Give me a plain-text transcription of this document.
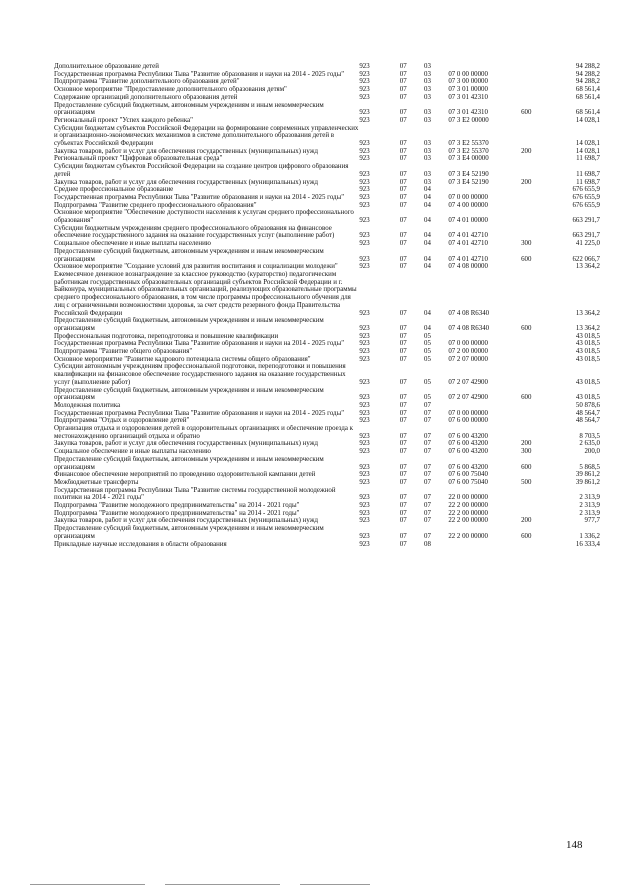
Дополнительное образование детей	923	07	03			94 288,2
Государственная программа Республики Тыва "Развитие образования и науки на 2014 - 2025 годы"	923	07	03	07 0 00 00000		94 288,2
Подпрограмма "Развитие дополнительного образования детей"	923	07	03	07 3 00 00000		94 288,2
Основное мероприятие "Предоставление дополнительного образования детям"	923	07	03	07 3 01 00000		68 561,4
Содержание организаций дополнительного образования детей	923	07	03	07 3 01 42310		68 561,4
Предоставление субсидий бюджетным, автономным учреждениям и иным некоммерческим организациям	923	07	03	07 3 01 42310	600	68 561,4
Региональный проект "Успех каждого ребенка"	923	07	03	07 3 Е2 00000		14 028,1
Субсидии бюджетам субъектов Российской Федерации на формирование современных управленческих и организационно-экономических механизмов в системе дополнительного образования детей в субъектах Российской Федерации	923	07	03	07 3 Е2 55370		14 028,1
Закупка товаров, работ и услуг для обеспечения государственных (муниципальных) нужд	923	07	03	07 3 Е2 55370	200	14 028,1
Региональный проект "Цифровая образовательная среда"	923	07	03	07 3 Е4 00000		11 698,7
Субсидии бюджетам субъектов Российской Федерации на создание центров цифрового образования детей	923	07	03	07 3 Е4 52190		11 698,7
Закупка товаров, работ и услуг для обеспечения государственных (муниципальных) нужд	923	07	03	07 3 Е4 52190	200	11 698,7
Среднее профессиональное образование	923	07	04			676 655,9
Государственная программа Республики Тыва "Развитие образования и науки на 2014 - 2025 годы"	923	07	04	07 0 00 00000		676 655,9
Подпрограмма "Развитие среднего профессионального образования"	923	07	04	07 4 00 00000		676 655,9
Основное мероприятие "Обеспечение доступности населения к услугам среднего профессионального образования"	923	07	04	07 4 01 00000		663 291,7
Субсидии бюджетным учреждениям среднего профессионального образования на финансовое обеспечение государственного задания на оказание государственных услуг (выполнение работ)	923	07	04	07 4 01 42710		663 291,7
Социальное обеспечение и иные выплаты населению	923	07	04	07 4 01 42710	300	41 225,0
Предоставление субсидий бюджетным, автономным учреждениям и иным некоммерческим организациям	923	07	04	07 4 01 42710	600	622 066,7
Основное мероприятие "Создание условий для развития воспитания и социализации молодежи"	923	07	04	07 4 08 00000		13 364,2
Ежемесячное денежное вознаграждение за классное руководство (кураторство) педагогическим работникам государственных образовательных организаций субъектов Российской Федерации и г. Байконура, муниципальных образовательных организаций, реализующих образовательные программы среднего профессионального образования, в том числе программы профессионального обучения для лиц с ограниченными возможностями здоровья, за счет средств резервного фонда Правительства Российской Федерации	923	07	04	07 4 08 R6340		13 364,2
Предоставление субсидий бюджетным, автономным учреждениям и иным некоммерческим организациям	923	07	04	07 4 08 R6340	600	13 364,2
Профессиональная подготовка, переподготовка и повышение квалификации	923	07	05			43 018,5
Государственная программа Республики Тыва "Развитие образования и науки на 2014 - 2025 годы"	923	07	05	07 0 00 00000		43 018,5
Подпрограмма "Развитие общего образования"	923	07	05	07 2 00 00000		43 018,5
Основное мероприятие "Развитие кадрового потенциала системы общего образования"	923	07	05	07 2 07 00000		43 018,5
Субсидии автономным учреждениям профессиональной подготовки, переподготовки и повышения квалификации на финансовое обеспечение государственного задания на оказание государственных услуг (выполнение работ)	923	07	05	07 2 07 42900		43 018,5
Предоставление субсидий бюджетным, автономным учреждениям и иным некоммерческим организациям	923	07	05	07 2 07 42900	600	43 018,5
Молодежная политика	923	07	07			50 878,6
Государственная программа Республики Тыва "Развитие образования и науки на 2014 - 2025 годы"	923	07	07	07 0 00 00000		48 564,7
Подпрограмма "Отдых и оздоровление детей"	923	07	07	07 6 00 00000		48 564,7
Организация отдыха и оздоровления детей в оздоровительных организациях и обеспечение проезда к местонахождению организаций отдыха и обратно	923	07	07	07 6 00 43200		8 703,5
Закупка товаров, работ и услуг для обеспечения государственных (муниципальных) нужд	923	07	07	07 6 00 43200	200	2 635,0
Социальное обеспечение и иные выплаты населению	923	07	07	07 6 00 43200	300	200,0
Предоставление субсидий бюджетным, автономным учреждениям и иным некоммерческим организациям	923	07	07	07 6 00 43200	600	5 868,5
Финансовое обеспечение мероприятий по проведению оздоровительной кампании детей	923	07	07	07 6 00 75040		39 861,2
Межбюджетные трансферты	923	07	07	07 6 00 75040	500	39 861,2
Государственная программа Республики Тыва "Развитие системы государственной молодежной политики на 2014 - 2021 годы"	923	07	07	22 0 00 00000		2 313,9
Подпрограмма "Развитие молодежного предпринимательства" на 2014 - 2021 годы"	923	07	07	22 2 00 00000		2 313,9
Подпрограмма "Развитие молодежного предпринимательства" на 2014 - 2021 годы"	923	07	07	22 2 00 00000		2 313,9
Закупка товаров, работ и услуг для обеспечения государственных (муниципальных) нужд	923	07	07	22 2 00 00000	200	977,7
Предоставление субсидий бюджетным, автономным учреждениям и иным некоммерческим организациям	923	07	07	22 2 00 00000	600	1 336,2
Прикладные научные исследования в области образования	923	07	08			16 333,4
148
